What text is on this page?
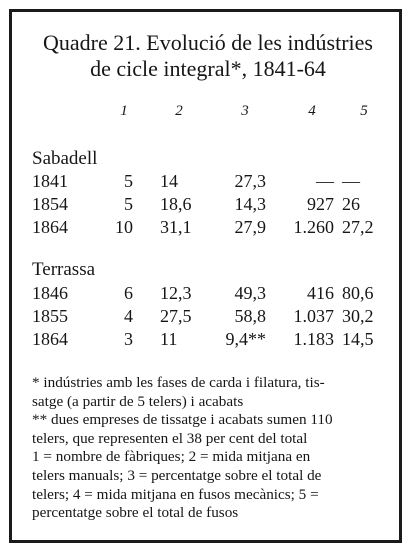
Quadre 21. Evolució de les indústries
de cicle integral*, 1841-64
1	2	3	4	5
Sabadell
1841	5 14	27,3	— —
1854	5 18,6 14,3 927 26
1864	10 31,1 27,9 1.260 27,2
Terrassa
1846	6 12,3 49,3 416 80,6
1855	4 27,5 58,8 1.037 30,2
1864	3 11	9,4** 1.183 14,5
* indústries amb les fases de carda i filatura, tis-
satge (a partir de 5 telers) i acabats
** dues empreses de tissatge i acabats sumen 110
telers, que representen el 38 per cent del total
1 = nombre de fàbriques; 2 = mida mitjana en
telers manuals; 3 = percentatge sobre el total de
telers; 4 = mida mitjana en fusos mecànics; 5 =
percentatge sobre el total de fusos
